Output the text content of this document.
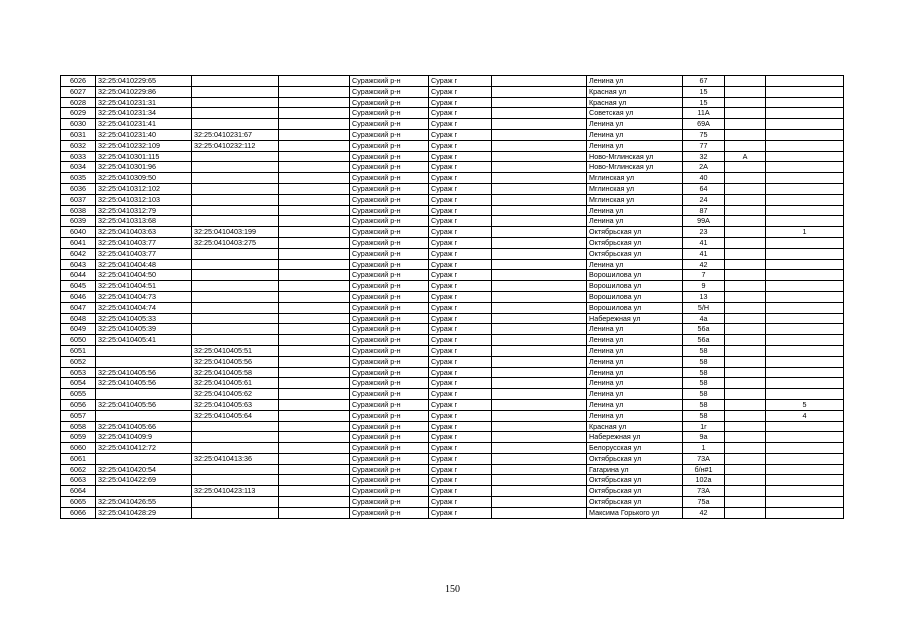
6026	32:25:0410229:65			Суражский р-н	Сураж г		Ленина ул	67		
6027	32:25:0410229:86			Суражский р-н	Сураж г		Красная ул	15		
6028	32:25:0410231:31			Суражский р-н	Сураж г		Красная ул	15		
6029	32:25:0410231:34			Суражский р-н	Сураж г		Советская ул	11А		
6030	32:25:0410231:41			Суражский р-н	Сураж г		Ленина ул	69А		
6031	32:25:0410231:40	32:25:0410231:67		Суражский р-н	Сураж г		Ленина ул	75		
6032	32:25:0410232:109	32:25:0410232:112		Суражский р-н	Сураж г		Ленина ул	77		
6033	32:25:0410301:115			Суражский р-н	Сураж г		Ново-Мглинская ул	32	А	
6034	32:25:0410301:96			Суражский р-н	Сураж г		Ново-Мглинская ул	2А		
6035	32:25:0410309:50			Суражский р-н	Сураж г		Мглинская ул	40		
6036	32:25:0410312:102			Суражский р-н	Сураж г		Мглинская ул	64		
6037	32:25:0410312:103			Суражский р-н	Сураж г		Мглинская ул	24		
6038	32:25:0410312:79			Суражский р-н	Сураж г		Ленина ул	87		
6039	32:25:0410313:68			Суражский р-н	Сураж г		Ленина ул	99А		
6040	32:25:0410403:63	32:25:0410403:199		Суражский р-н	Сураж г		Октябрьская ул	23		1
6041	32:25:0410403:77	32:25:0410403:275		Суражский р-н	Сураж г		Октябрьская ул	41		
6042	32:25:0410403:77			Суражский р-н	Сураж г		Октябрьская ул	41		
6043	32:25:0410404:48			Суражский р-н	Сураж г		Ленина ул	42		
6044	32:25:0410404:50			Суражский р-н	Сураж г		Ворошилова ул	7		
6045	32:25:0410404:51			Суражский р-н	Сураж г		Ворошилова ул	9		
6046	32:25:0410404:73			Суражский р-н	Сураж г		Ворошилова ул	13		
6047	32:25:0410404:74			Суражский р-н	Сураж г		Ворошилова ул	5/Н		
6048	32:25:0410405:33			Суражский р-н	Сураж г		Набережная ул	4а		
6049	32:25:0410405:39			Суражский р-н	Сураж г		Ленина ул	56а		
6050	32:25:0410405:41			Суражский р-н	Сураж г		Ленина ул	56а		
6051		32:25:0410405:51		Суражский р-н	Сураж г		Ленина ул	58		
6052		32:25:0410405:56		Суражский р-н	Сураж г		Ленина ул	58		
6053	32:25:0410405:56	32:25:0410405:58		Суражский р-н	Сураж г		Ленина ул	58		
6054	32:25:0410405:56	32:25:0410405:61		Суражский р-н	Сураж г		Ленина ул	58		
6055		32:25:0410405:62		Суражский р-н	Сураж г		Ленина ул	58		
6056	32:25:0410405:56	32:25:0410405:63		Суражский р-н	Сураж г		Ленина ул	58		5
6057		32:25:0410405:64		Суражский р-н	Сураж г		Ленина ул	58		4
6058	32:25:0410405:66			Суражский р-н	Сураж г		Красная ул	1г		
6059	32:25:0410409:9			Суражский р-н	Сураж г		Набережная ул	9а		
6060	32:25:0410412:72			Суражский р-н	Сураж г		Белорусская ул	1		
6061		32:25:0410413:36		Суражский р-н	Сураж г		Октябрьская ул	73А		
6062	32:25:0410420:54			Суражский р-н	Сураж г		Гагарина ул	б/н#1		
6063	32:25:0410422:69			Суражский р-н	Сураж г		Октябрьская ул	102а		
6064		32:25:0410423:113		Суражский р-н	Сураж г		Октябрьская ул	73А		
6065	32:25:0410426:55			Суражский р-н	Сураж г		Октябрьская ул	75а		
6066	32:25:0410428:29			Суражский р-н	Сураж г		Максима Горького ул	42		
150
